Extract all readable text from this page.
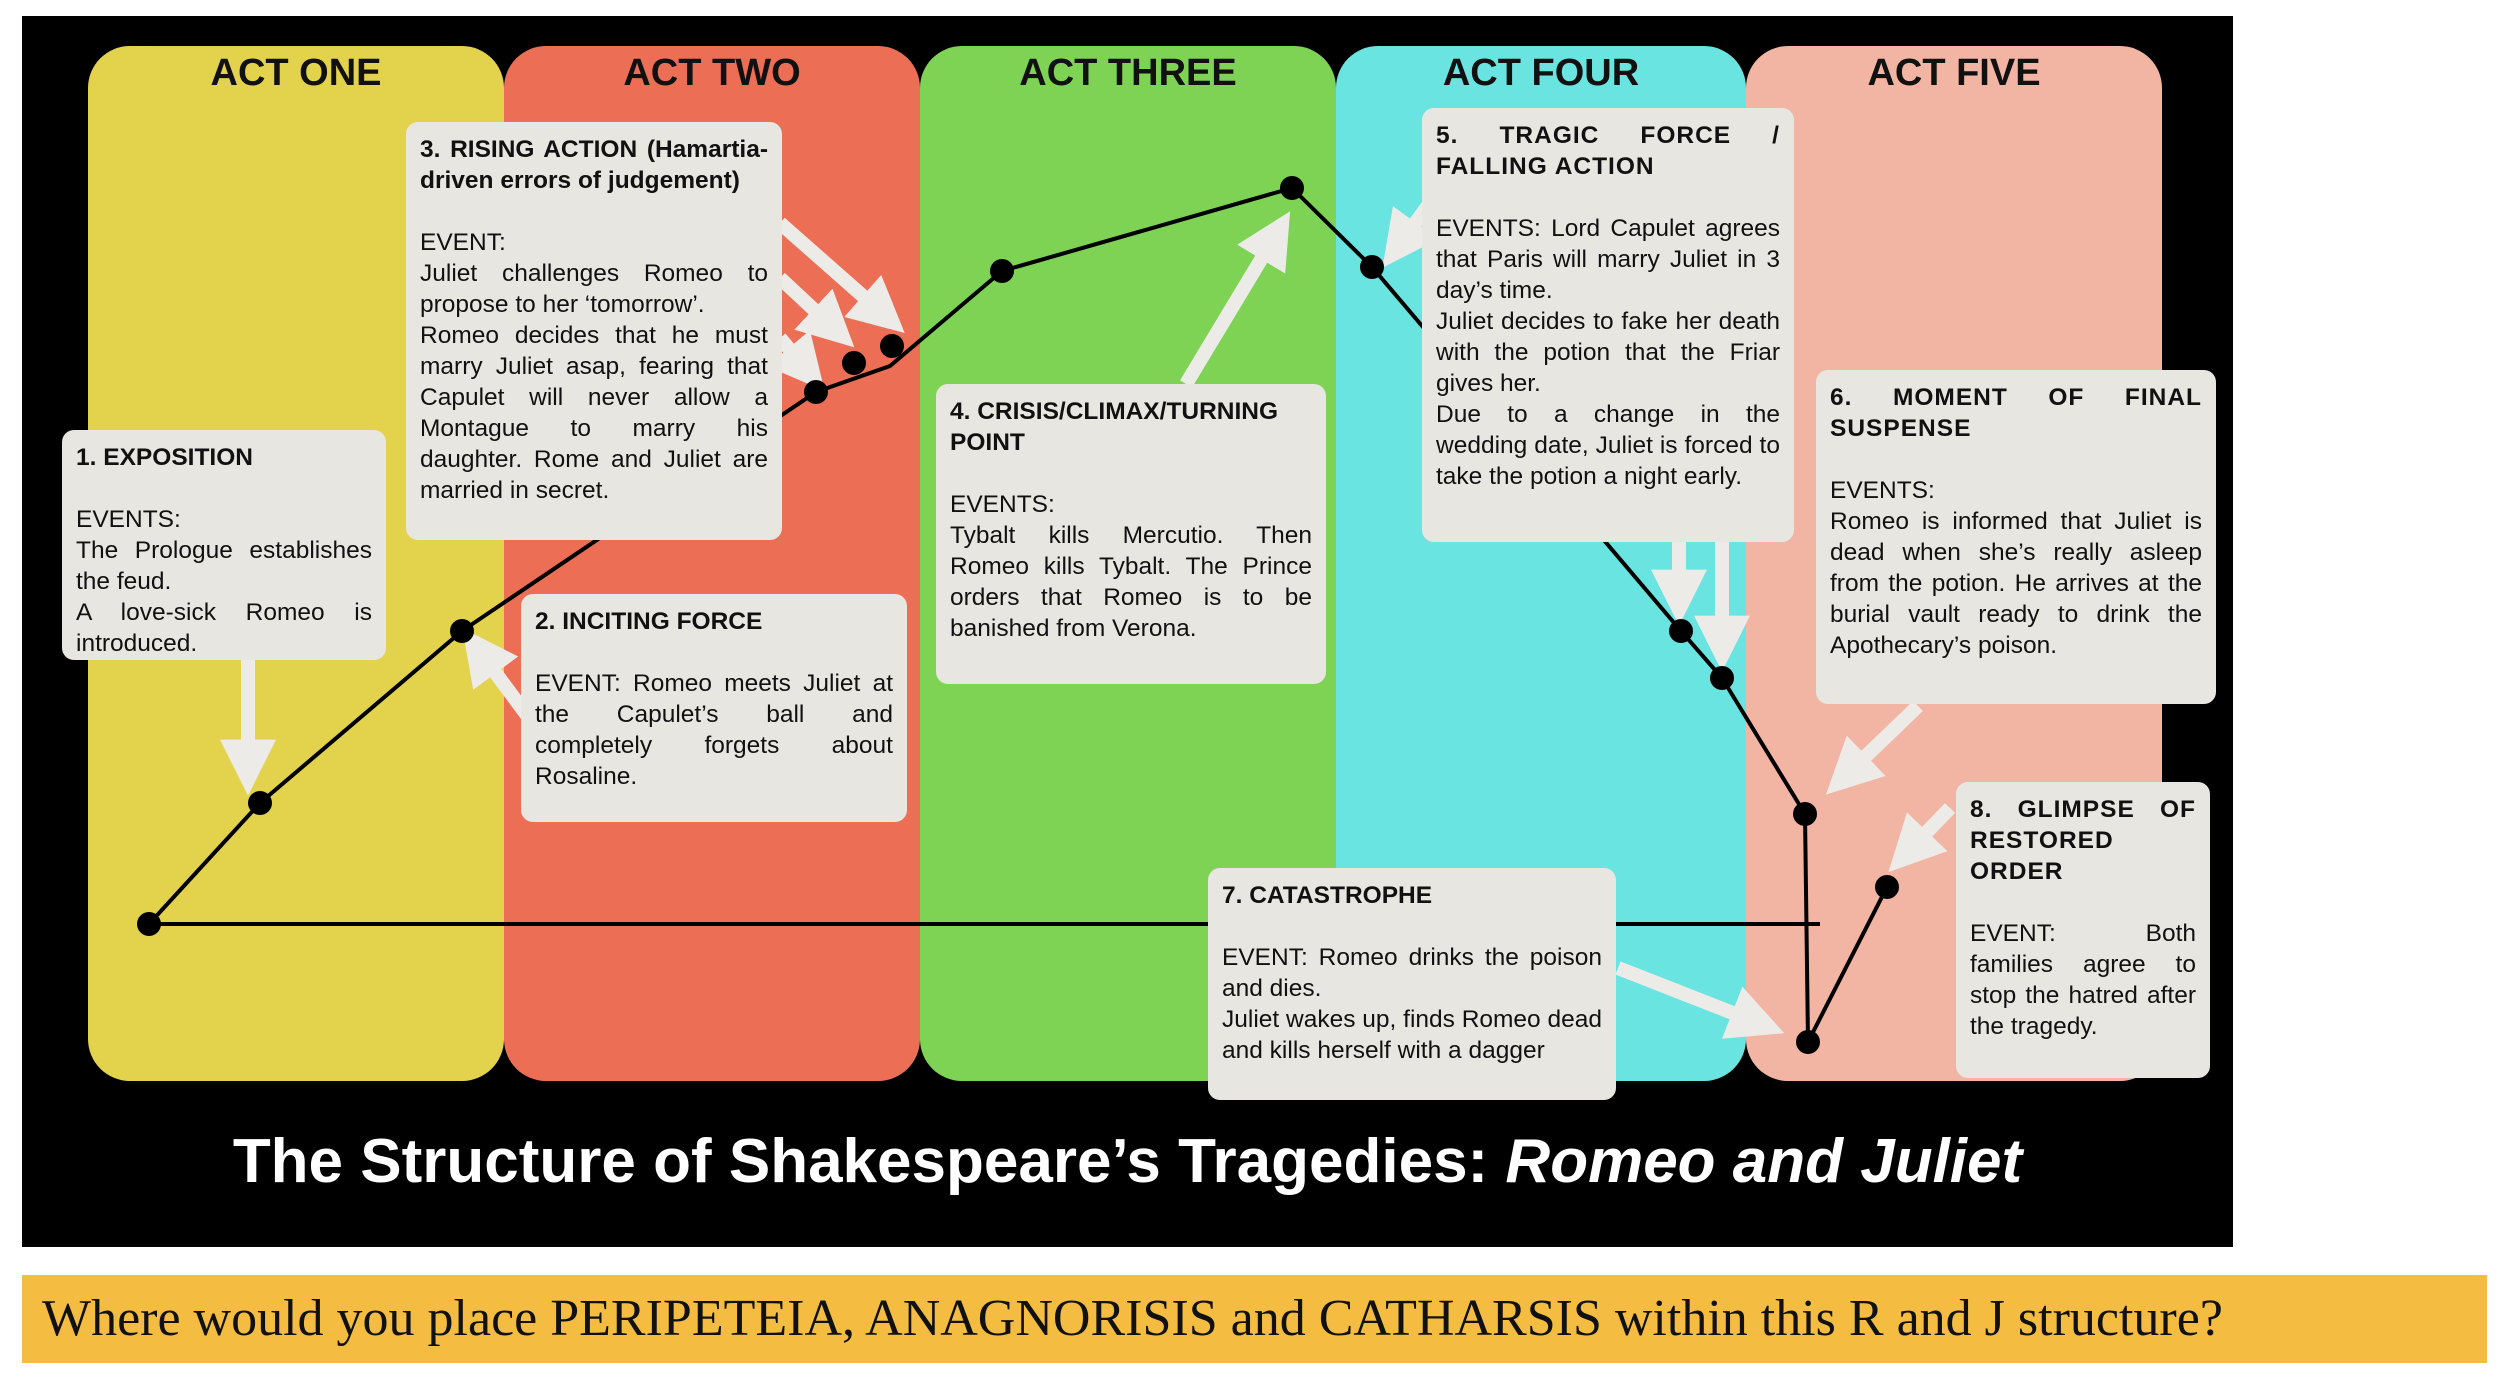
ACT ONE	ACT TWO	ACT THREE	ACT FOUR	ACT FIVE
1. EXPOSITION
EVENTS:

The Prologue establishes the feud.

A love-sick Romeo is introduced.

2. INCITING FORCE

EVENT: Romeo meets Juliet at the Capulet’s ball and completely forgets about Rosaline.

3. RISING ACTION (Hamartia-driven errors of judgement)

EVENT:

Juliet challenges Romeo to propose to her ‘tomorrow’.

Romeo decides that he must marry Juliet asap, fearing that Capulet will never allow a Montague to marry his daughter. Rome and Juliet are married in secret.

4. CRISIS/CLIMAX/TURNING POINT
EVENTS:

Tybalt kills Mercutio. Then Romeo kills Tybalt. The Prince orders that Romeo is to be banished from Verona.

5. TRAGIC FORCE / FALLING ACTION

EVENTS: Lord Capulet agrees that Paris will marry Juliet in 3 day’s time.

Juliet decides to fake her death with the potion that the Friar gives her.

Due to a change in the wedding date, Juliet is forced to take the potion a night early.

6. MOMENT OF FINAL SUSPENSE

EVENTS:

Romeo is informed that Juliet is dead when she’s really asleep from the potion. He arrives at the burial vault ready to drink the Apothecary’s poison.

7. CATASTROPHE

EVENT: Romeo drinks the poison and dies.

Juliet wakes up, finds Romeo dead and kills herself with a dagger

8. GLIMPSE OF RESTORED ORDER

EVENT: Both families agree to stop the hatred after the tragedy.

The Structure of Shakespeare’s Tragedies: Romeo and Juliet
Where would you place PERIPETEIA, ANAGNORISIS and CATHARSIS within this R and J structure?
